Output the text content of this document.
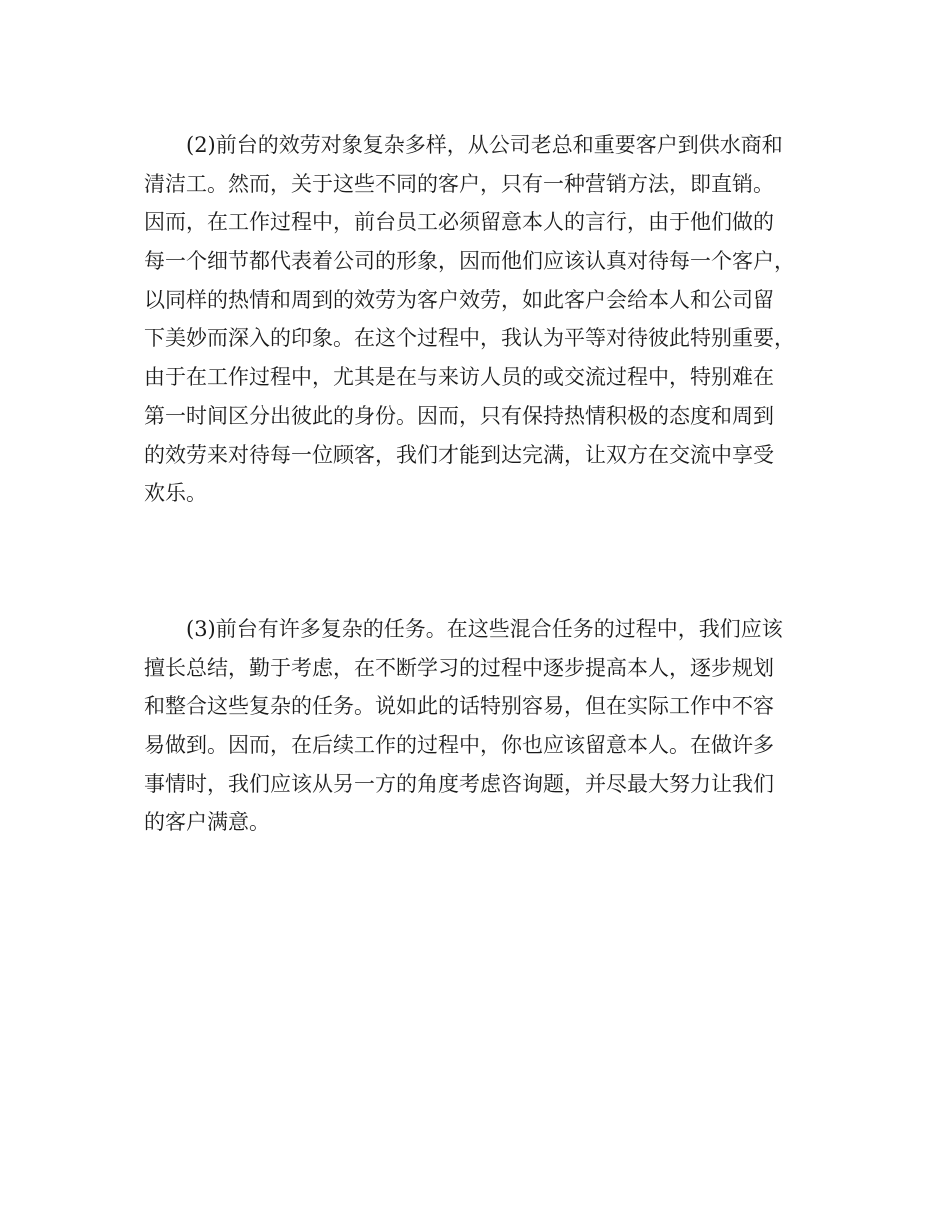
(2)前台的效劳对象复杂多样，从公司老总和重要客户到供水商和
清洁工。然而，关于这些不同的客户，只有一种营销方法，即直销。
因而，在工作过程中，前台员工必须留意本人的言行，由于他们做的
每一个细节都代表着公司的形象，因而他们应该认真对待每一个客户，
以同样的热情和周到的效劳为客户效劳，如此客户会给本人和公司留
下美妙而深入的印象。在这个过程中，我认为平等对待彼此特别重要，
由于在工作过程中，尤其是在与来访人员的或交流过程中，特别难在
第一时间区分出彼此的身份。因而，只有保持热情积极的态度和周到
的效劳来对待每一位顾客，我们才能到达完满，让双方在交流中享受
欢乐。
(3)前台有许多复杂的任务。在这些混合任务的过程中，我们应该
擅长总结，勤于考虑，在不断学习的过程中逐步提高本人，逐步规划
和整合这些复杂的任务。说如此的话特别容易，但在实际工作中不容
易做到。因而，在后续工作的过程中，你也应该留意本人。在做许多
事情时，我们应该从另一方的角度考虑咨询题，并尽最大努力让我们
的客户满意。
